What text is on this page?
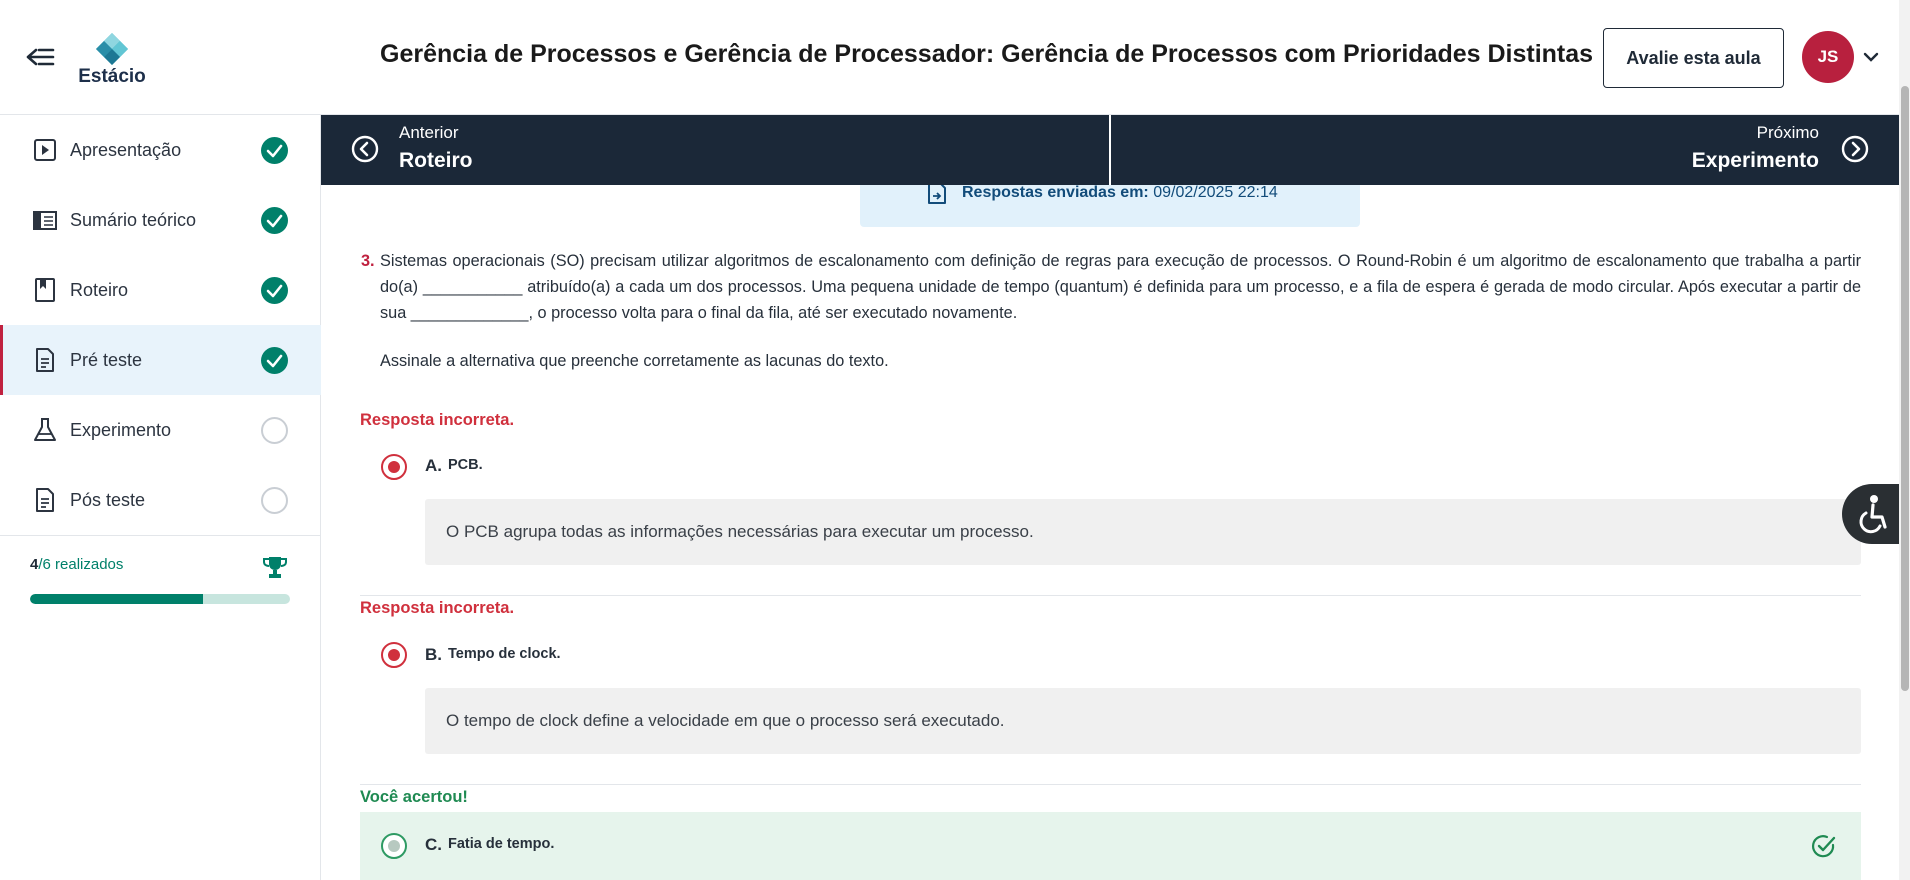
Estácio
Gerência de Processos e Gerência de Processador: Gerência de Processos com Prioridades Distintas	Avalie esta aula	JS
Apresentação
Sumário teórico
Roteiro
Pré teste
Experimento
Pós teste
4/6 realizados
Anterior
Roteiro
Próximo
Experimento
Respostas enviadas em: 09/02/2025 22:14
3. Sistemas operacionais (SO) precisam utilizar algoritmos de escalonamento com definição de regras para execução de processos. O Round-Robin é um algoritmo de escalonamento que trabalha a partir do(a) ___________ atribuído(a) a cada um dos processos. Uma pequena unidade de tempo (quantum) é definida para um processo, e a fila de espera é gerada de modo circular. Após executar a partir de sua _____________, o processo volta para o final da fila, até ser executado novamente.
Assinale a alternativa que preenche corretamente as lacunas do texto.
Resposta incorreta.
A. PCB.
O PCB agrupa todas as informações necessárias para executar um processo.
Resposta incorreta.
B. Tempo de clock.
O tempo de clock define a velocidade em que o processo será executado.
Você acertou!
C. Fatia de tempo.
